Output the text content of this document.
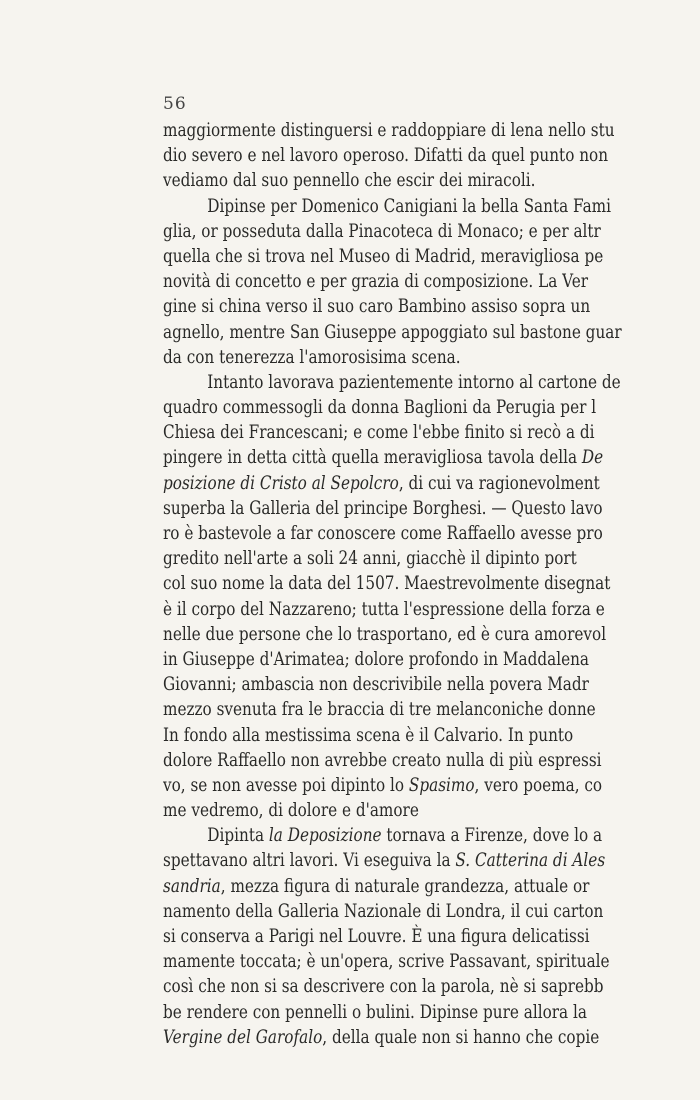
56
maggiormente distinguersi e raddoppiare di lena nello stu
dio severo e nel lavoro operoso. Difatti da quel punto non
vediamo dal suo pennello che escir dei miracoli.
Dipinse per Domenico Canigiani la bella Santa Fami
glia, or posseduta dalla Pinacoteca di Monaco; e per altr
quella che si trova nel Museo di Madrid, meravigliosa pe
novità di concetto e per grazia di composizione. La Ver
gine si china verso il suo caro Bambino assiso sopra un
agnello, mentre San Giuseppe appoggiato sul bastone guar
da con tenerezza l'amorosisima scena.
Intanto lavorava pazientemente intorno al cartone de
quadro commessogli da donna Baglioni da Perugia per l
Chiesa dei Francescani; e come l'ebbe finito si recò a di
pingere in detta città quella meravigliosa tavola della De
posizione di Cristo al Sepolcro, di cui va ragionevolment
superba la Galleria del principe Borghesi. — Questo lavo
ro è bastevole a far conoscere come Raffaello avesse pro
gredito nell'arte a soli 24 anni, giacchè il dipinto port
col suo nome la data del 1507. Maestrevolmente disegnat
è il corpo del Nazzareno; tutta l'espressione della forza e
nelle due persone che lo trasportano, ed è cura amorevol
in Giuseppe d'Arimatea; dolore profondo in Maddalena
Giovanni; ambascia non descrivibile nella povera Madr
mezzo svenuta fra le braccia di tre melanconiche donne
In fondo alla mestissima scena è il Calvario. In punto
dolore Raffaello non avrebbe creato nulla di più espressi
vo, se non avesse poi dipinto lo Spasimo, vero poema, co
me vedremo, di dolore e d'amore
Dipinta la Deposizione tornava a Firenze, dove lo a
spettavano altri lavori. Vi eseguiva la S. Catterina di Ales
sandria, mezza figura di naturale grandezza, attuale or
namento della Galleria Nazionale di Londra, il cui carton
si conserva a Parigi nel Louvre. È una figura delicatissi
mamente toccata; è un'opera, scrive Passavant, spirituale
così che non si sa descrivere con la parola, nè si saprebb
be rendere con pennelli o bulini. Dipinse pure allora la
Vergine del Garofalo, della quale non si hanno che copie
